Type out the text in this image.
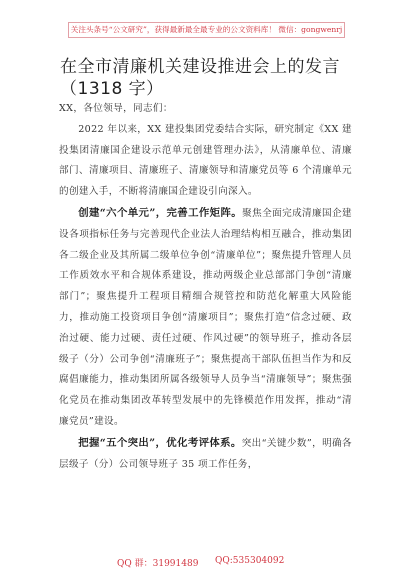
关注头条号“公文研究”，获得最新最全最专业的公文资料库！ 微信：gongwenrj
在全市清廉机关建设推进会上的发言
（1318 字）

XX，各位领导，同志们：

2022 年以来，XX 建投集团党委结合实际，研究制定《XX 建投集团清廉国企建设示范单元创建管理办法》，从清廉单位、清廉部门、清廉项目、清廉班子、清廉领导和清廉党员等 6 个清廉单元的创建入手，不断将清廉国企建设引向深入。

创建“六个单元”，完善工作矩阵。聚焦全面完成清廉国企建设各项指标任务与完善现代企业法人治理结构相互融合，推动集团各二级企业及其所属二级单位争创“清廉单位”；聚焦提升管理人员工作质效水平和合规体系建设，推动两级企业总部部门争创“清廉部门”；聚焦提升工程项目精细合规管控和防范化解重大风险能力，推动施工投资项目争创“清廉项目”；聚焦打造“信念过硬、政治过硬、能力过硬、责任过硬、作风过硬”的领导班子，推动各层级子（分）公司争创“清廉班子”；聚焦提高干部队伍担当作为和反腐倡廉能力，推动集团所属各级领导人员争当“清廉领导”；聚焦强化党员在推动集团改革转型发展中的先锋模范作用发挥，推动“清廉党员”建设。

把握“五个突出”，优化考评体系。突出“关键少数”，明确各层级子（分）公司领导班子 35 项工作任务，

QQ 群：31991489 QQ:535304092
